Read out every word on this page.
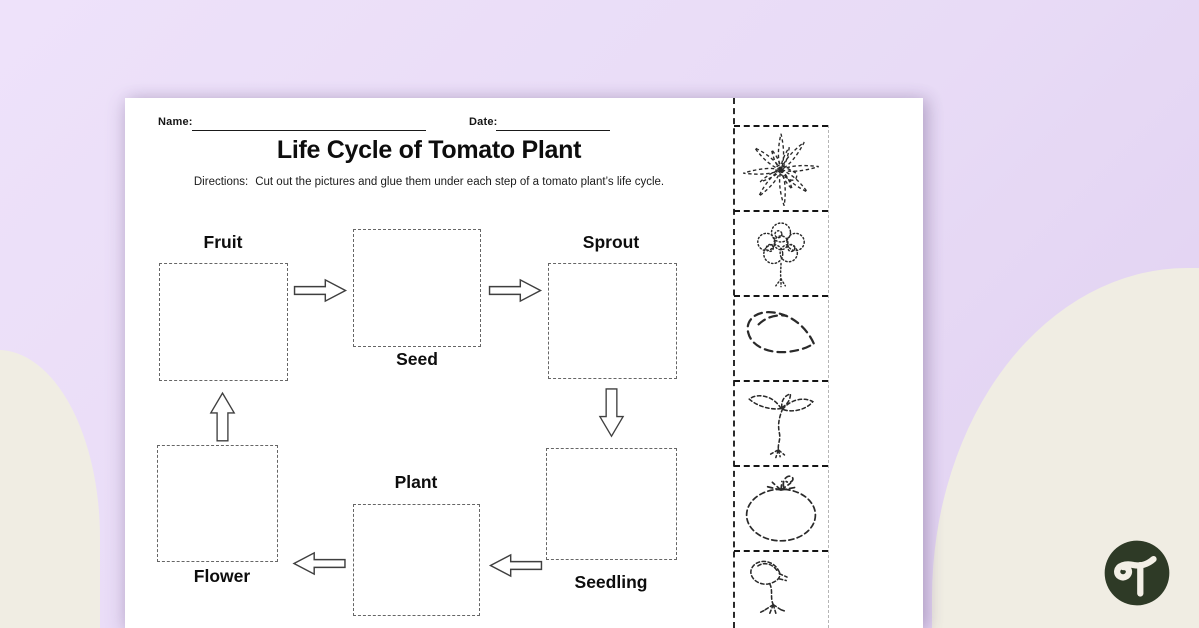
Name:	Date:
Life Cycle of Tomato Plant
Directions: Cut out the pictures and glue them under each step of a tomato plant’s life cycle.
Fruit
Seed
Sprout
Seedling
Plant
Flower
